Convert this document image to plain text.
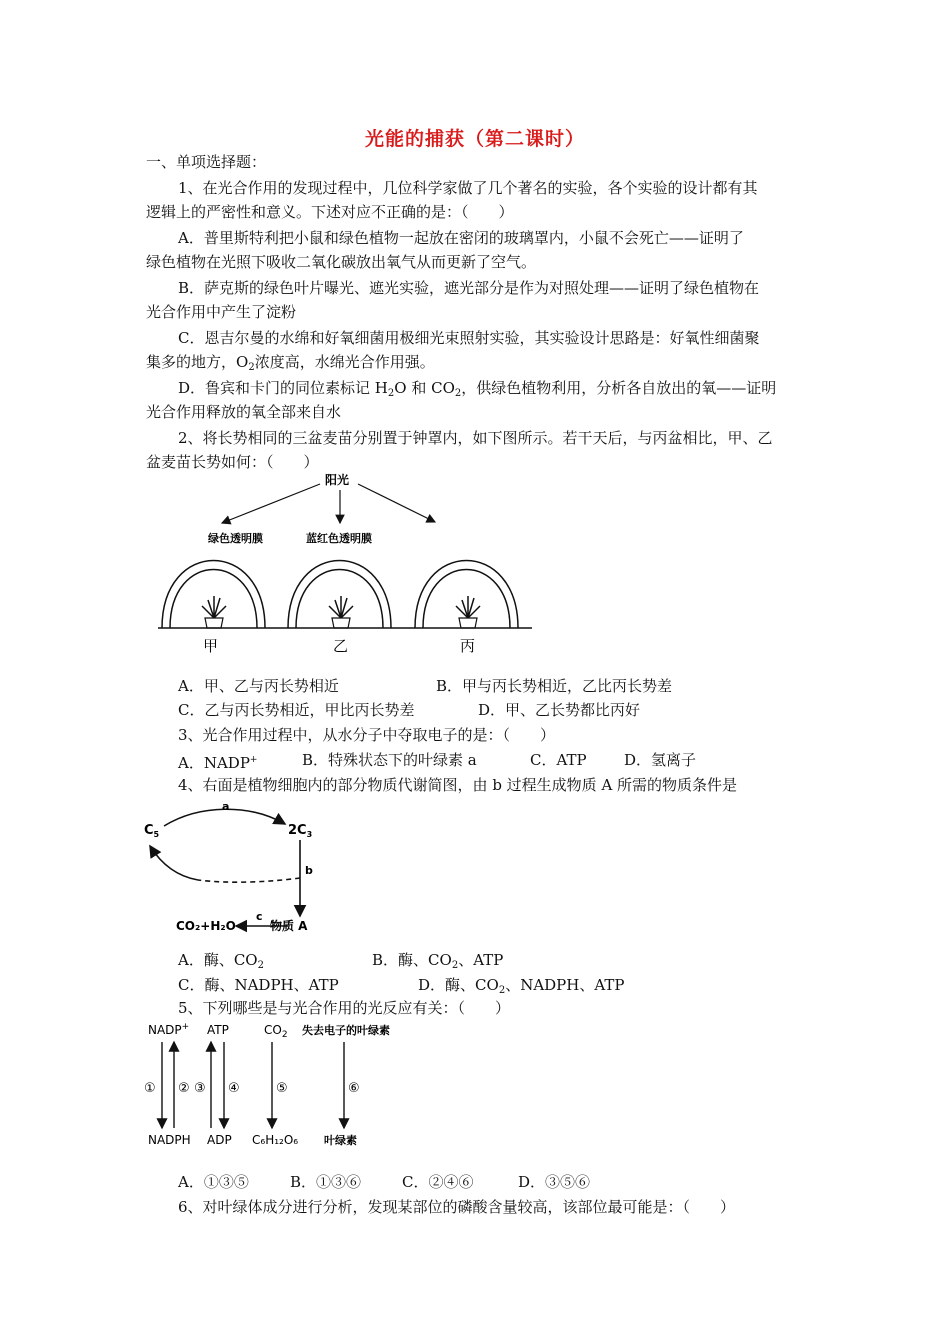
光能的捕获（第二课时）
一、单项选择题：
1、在光合作用的发现过程中，几位科学家做了几个著名的实验，各个实验的设计都有其
逻辑上的严密性和意义。下述对应不正确的是：（　　）
A．普里斯特利把小鼠和绿色植物一起放在密闭的玻璃罩内，小鼠不会死亡——证明了
绿色植物在光照下吸收二氧化碳放出氧气从而更新了空气。
B．萨克斯的绿色叶片曝光、遮光实验，遮光部分是作为对照处理——证明了绿色植物在
光合作用中产生了淀粉
C．恩吉尔曼的水绵和好氧细菌用极细光束照射实验，其实验设计思路是：好氧性细菌聚
集多的地方，$O_2$浓度高，水绵光合作用强。
D．鲁宾和卡门的同位素标记 $H_2O$ 和 $CO_2$，供绿色植物利用，分析各自放出的氧——证明
光合作用释放的氧全部来自水
2、将长势相同的三盆麦苗分别置于钟罩内，如下图所示。若干天后，与丙盆相比，甲、乙
盆麦苗长势如何：（　　）
阳光
绿色透明膜	蓝红色透明膜
甲	乙	丙
A．甲、乙与丙长势相近	B．甲与丙长势相近，乙比丙长势差
C．乙与丙长势相近，甲比丙长势差	D．甲、乙长势都比丙好
3、光合作用过程中，从水分子中夺取电子的是：（　　）
A．NADP+	B．特殊状态下的叶绿素 a	C．ATP D．氢离子
4、右面是植物细胞内的部分物质代谢简图，由 b 过程生成物质 A 所需的物质条件是
$C_5$	$2C_3$
a
b
CO₂+H₂O
c
物质 A
A．酶、$CO_2$	B．酶、$CO_2$、ATP
C．酶、NADPH、ATP	D．酶、$CO_2$、NADPH、ATP
5、下列哪些是与光合作用的光反应有关：（　　）
NADP+ ATP	$CO_2$ 失去电子的叶绿素
① ② ③ ④	⑤	⑥
NADPH ADP C₆H₁₂O₆ 叶绿素
A．①③⑤	B．①③⑥	C．②④⑥	D．③⑤⑥
6、对叶绿体成分进行分析，发现某部位的磷酸含量较高，该部位最可能是：（　　）
